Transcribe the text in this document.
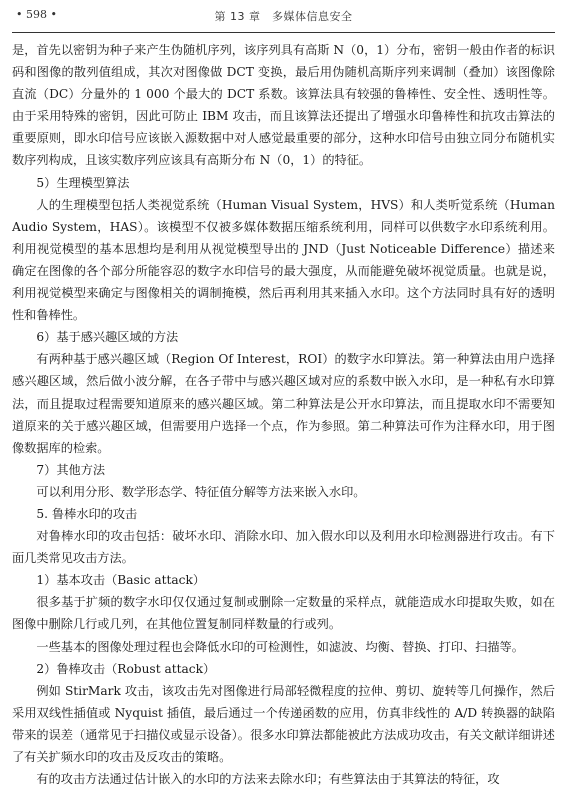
• 598 •	第 13 章　多媒体信息安全

是，首先以密钥为种子来产生伪随机序列，该序列具有高斯 N（0，1）分布，密钥一般由作者的标识码和图像的散列值组成，其次对图像做 DCT 变换，最后用伪随机高斯序列来调制（叠加）该图像除直流（DC）分量外的 1 000 个最大的 DCT 系数。该算法具有较强的鲁棒性、安全性、透明性等。由于采用特殊的密钥，因此可防止 IBM 攻击，而且该算法还提出了增强水印鲁棒性和抗攻击算法的重要原则，即水印信号应该嵌入源数据中对人感觉最重要的部分，这种水印信号由独立同分布随机实数序列构成，且该实数序列应该具有高斯分布 N（0，1）的特征。

5）生理模型算法

人的生理模型包括人类视觉系统（Human Visual System，HVS）和人类听觉系统（Human Audio System，HAS）。该模型不仅被多媒体数据压缩系统利用，同样可以供数字水印系统利用。利用视觉模型的基本思想均是利用从视觉模型导出的 JND（Just Noticeable Difference）描述来确定在图像的各个部分所能容忍的数字水印信号的最大强度，从而能避免破坏视觉质量。也就是说，利用视觉模型来确定与图像相关的调制掩模，然后再利用其来插入水印。这个方法同时具有好的透明性和鲁棒性。

6）基于感兴趣区域的方法

有两种基于感兴趣区域（Region Of Interest，ROI）的数字水印算法。第一种算法由用户选择感兴趣区域，然后做小波分解，在各子带中与感兴趣区域对应的系数中嵌入水印，是一种私有水印算法，而且提取过程需要知道原来的感兴趣区域。第二种算法是公开水印算法，而且提取水印不需要知道原来的关于感兴趣区域，但需要用户选择一个点，作为参照。第二种算法可作为注释水印，用于图像数据库的检索。

7）其他方法

可以利用分形、数学形态学、特征值分解等方法来嵌入水印。

5. 鲁棒水印的攻击

对鲁棒水印的攻击包括：破坏水印、消除水印、加入假水印以及利用水印检测器进行攻击。有下面几类常见攻击方法。

1）基本攻击（Basic attack）

很多基于扩频的数字水印仅仅通过复制或删除一定数量的采样点，就能造成水印提取失败，如在图像中删除几行或几列，在其他位置复制同样数量的行或列。

一些基本的图像处理过程也会降低水印的可检测性，如滤波、均衡、替换、打印、扫描等。

2）鲁棒攻击（Robust attack）

例如 StirMark 攻击，该攻击先对图像进行局部轻微程度的拉伸、剪切、旋转等几何操作，然后采用双线性插值或 Nyquist 插值，最后通过一个传递函数的应用，仿真非线性的 A/D 转换器的缺陷带来的误差（通常见于扫描仪或显示设备）。很多水印算法都能被此方法成功攻击，有关文献详细讲述了有关扩频水印的攻击及反攻击的策略。

有的攻击方法通过估计嵌入的水印的方法来去除水印；有些算法由于其算法的特征，攻
